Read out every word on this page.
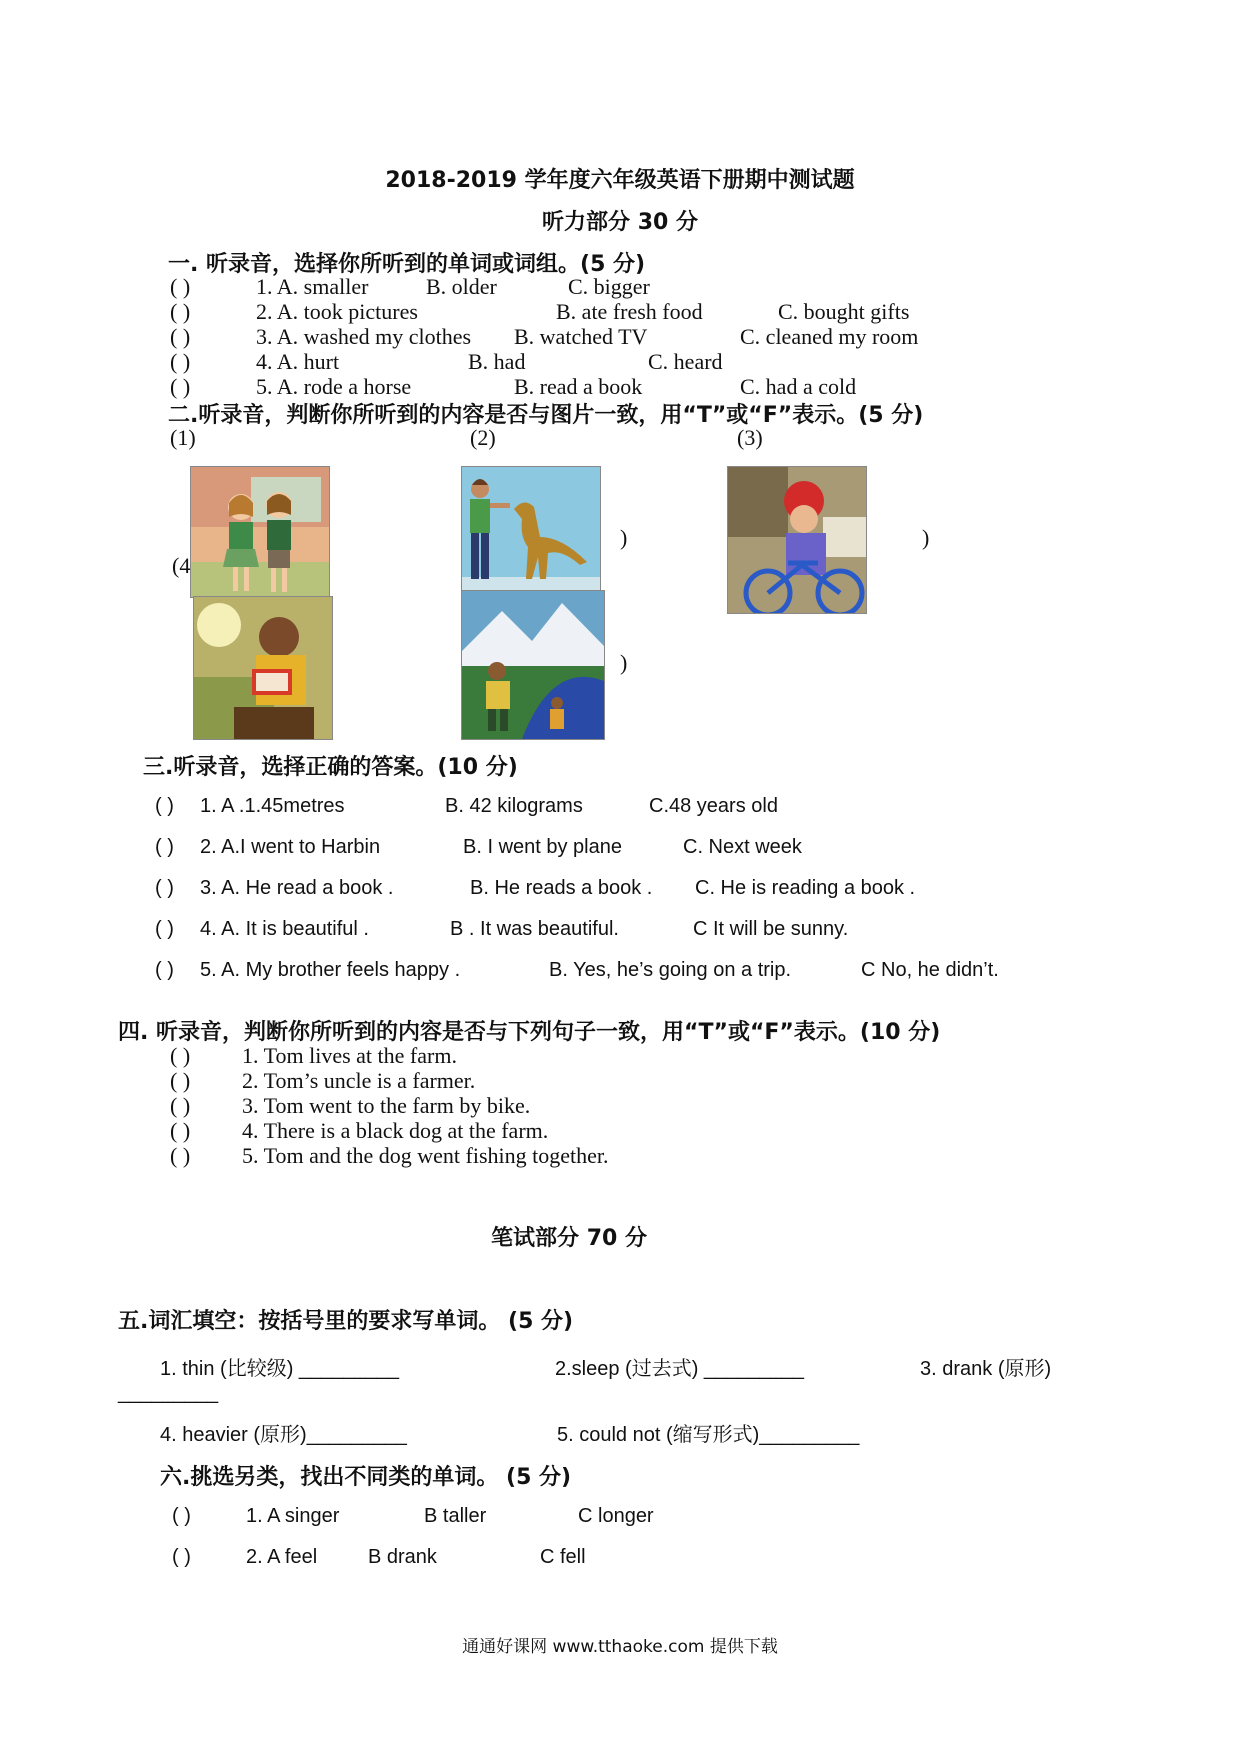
2018-2019 学年度六年级英语下册期中测试题
听力部分 30 分
一. 听录音，选择你所听到的单词或词组。(5 分)
( )	1. A. smaller	B. older	C. bigger
( )	2. A. took pictures	B. ate fresh food	C. bought gifts
( )	3. A. washed my clothes B. watched TV	C. cleaned my room
( )	4. A. hurt	B. had	C. heard
( )	5. A. rode a horse	B. read a book	C. had a cold
二.听录音，判断你所听到的内容是否与图片一致，用“T”或“F”表示。(5 分)
(1)	(2)	(3)
(4
)	)
)
三.听录音，选择正确的答案。(10 分)
( ) 1. A .1.45metres	B. 42 kilograms	C.48 years old
( ) 2. A.I went to Harbin	B. I went by plane	C. Next week
( ) 3. A. He read a book .	B. He reads a book . C. He is reading a book .
( ) 4. A. It is beautiful .	B . It was beautiful.	C It will be sunny.
( ) 5. A. My brother feels happy .	B. Yes, he’s going on a trip.	C No, he didn’t.
四. 听录音，判断你所听到的内容是否与下列句子一致，用“T”或“F”表示。(10 分)
( ) 1. Tom lives at the farm.
( ) 2. Tom’s uncle is a farmer.
( ) 3. Tom went to the farm by bike.
( ) 4. There is a black dog at the farm.
( ) 5. Tom and the dog went fishing together.
笔试部分 70 分
五.词汇填空：按括号里的要求写单词。 (5 分)
1. thin (比较级) _________	2.sleep (过去式) _________	3. drank (原形)
_________
4. heavier (原形)_________	5. could not (缩写形式)_________
六.挑选另类，找出不同类的单词。 (5 分)
( )	1. A singer	B taller	C longer
( )	2. A feel	B drank	C fell
通通好课网 www.tthaoke.com 提供下载
